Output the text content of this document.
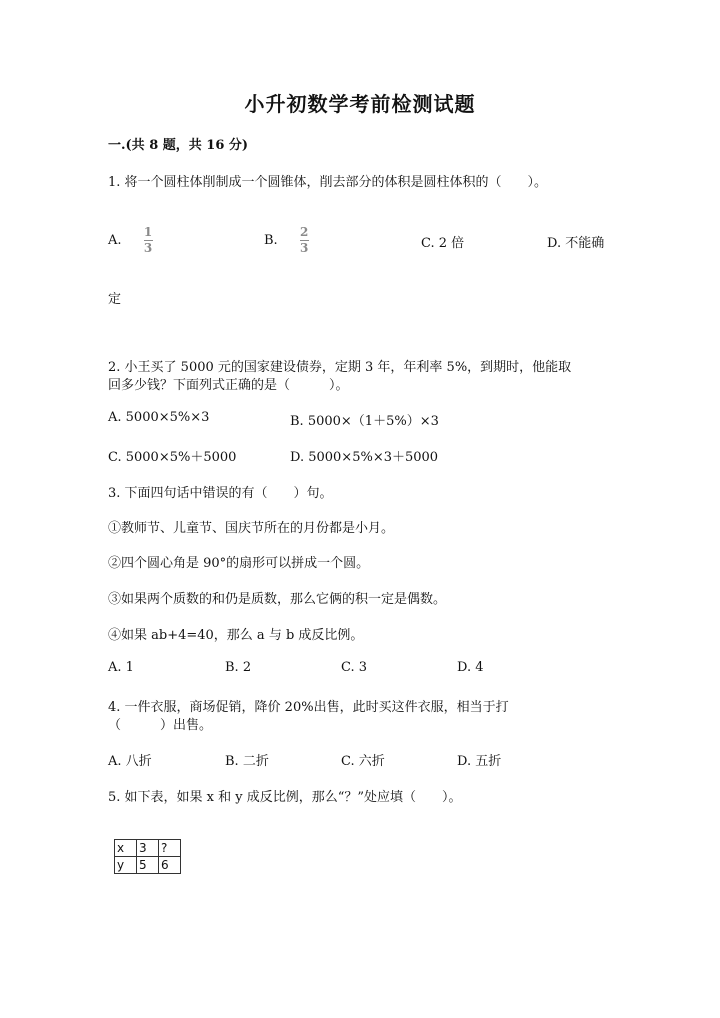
小升初数学考前检测试题
一.(共 8 题，共 16 分)
1. 将一个圆柱体削制成一个圆锥体，削去部分的体积是圆柱体积的（　　）。
A. $\frac{1}{3}$	B. $\frac{2}{3}$	C. 2 倍	D. 不能确
定
2. 小王买了 5000 元的国家建设债券，定期 3 年，年利率 5%，到期时，他能取
回多少钱？下面列式正确的是（　　　）。
A. 5000×5%×3	B. 5000×（1＋5%）×3
C. 5000×5%＋5000	D. 5000×5%×3＋5000
3. 下面四句话中错误的有（　　）句。
①教师节、儿童节、国庆节所在的月份都是小月。
②四个圆心角是 90°的扇形可以拼成一个圆。
③如果两个质数的和仍是质数，那么它俩的积一定是偶数。
④如果 ab+4=40，那么 a 与 b 成反比例。
A. 1	B. 2	C. 3	D. 4
4. 一件衣服，商场促销，降价 20%出售，此时买这件衣服，相当于打
（　　　）出售。
A. 八折	B. 二折	C. 六折	D. 五折
5. 如下表，如果 x 和 y 成反比例，那么“？”处应填（　　）。
x	3	?
y	5	6
